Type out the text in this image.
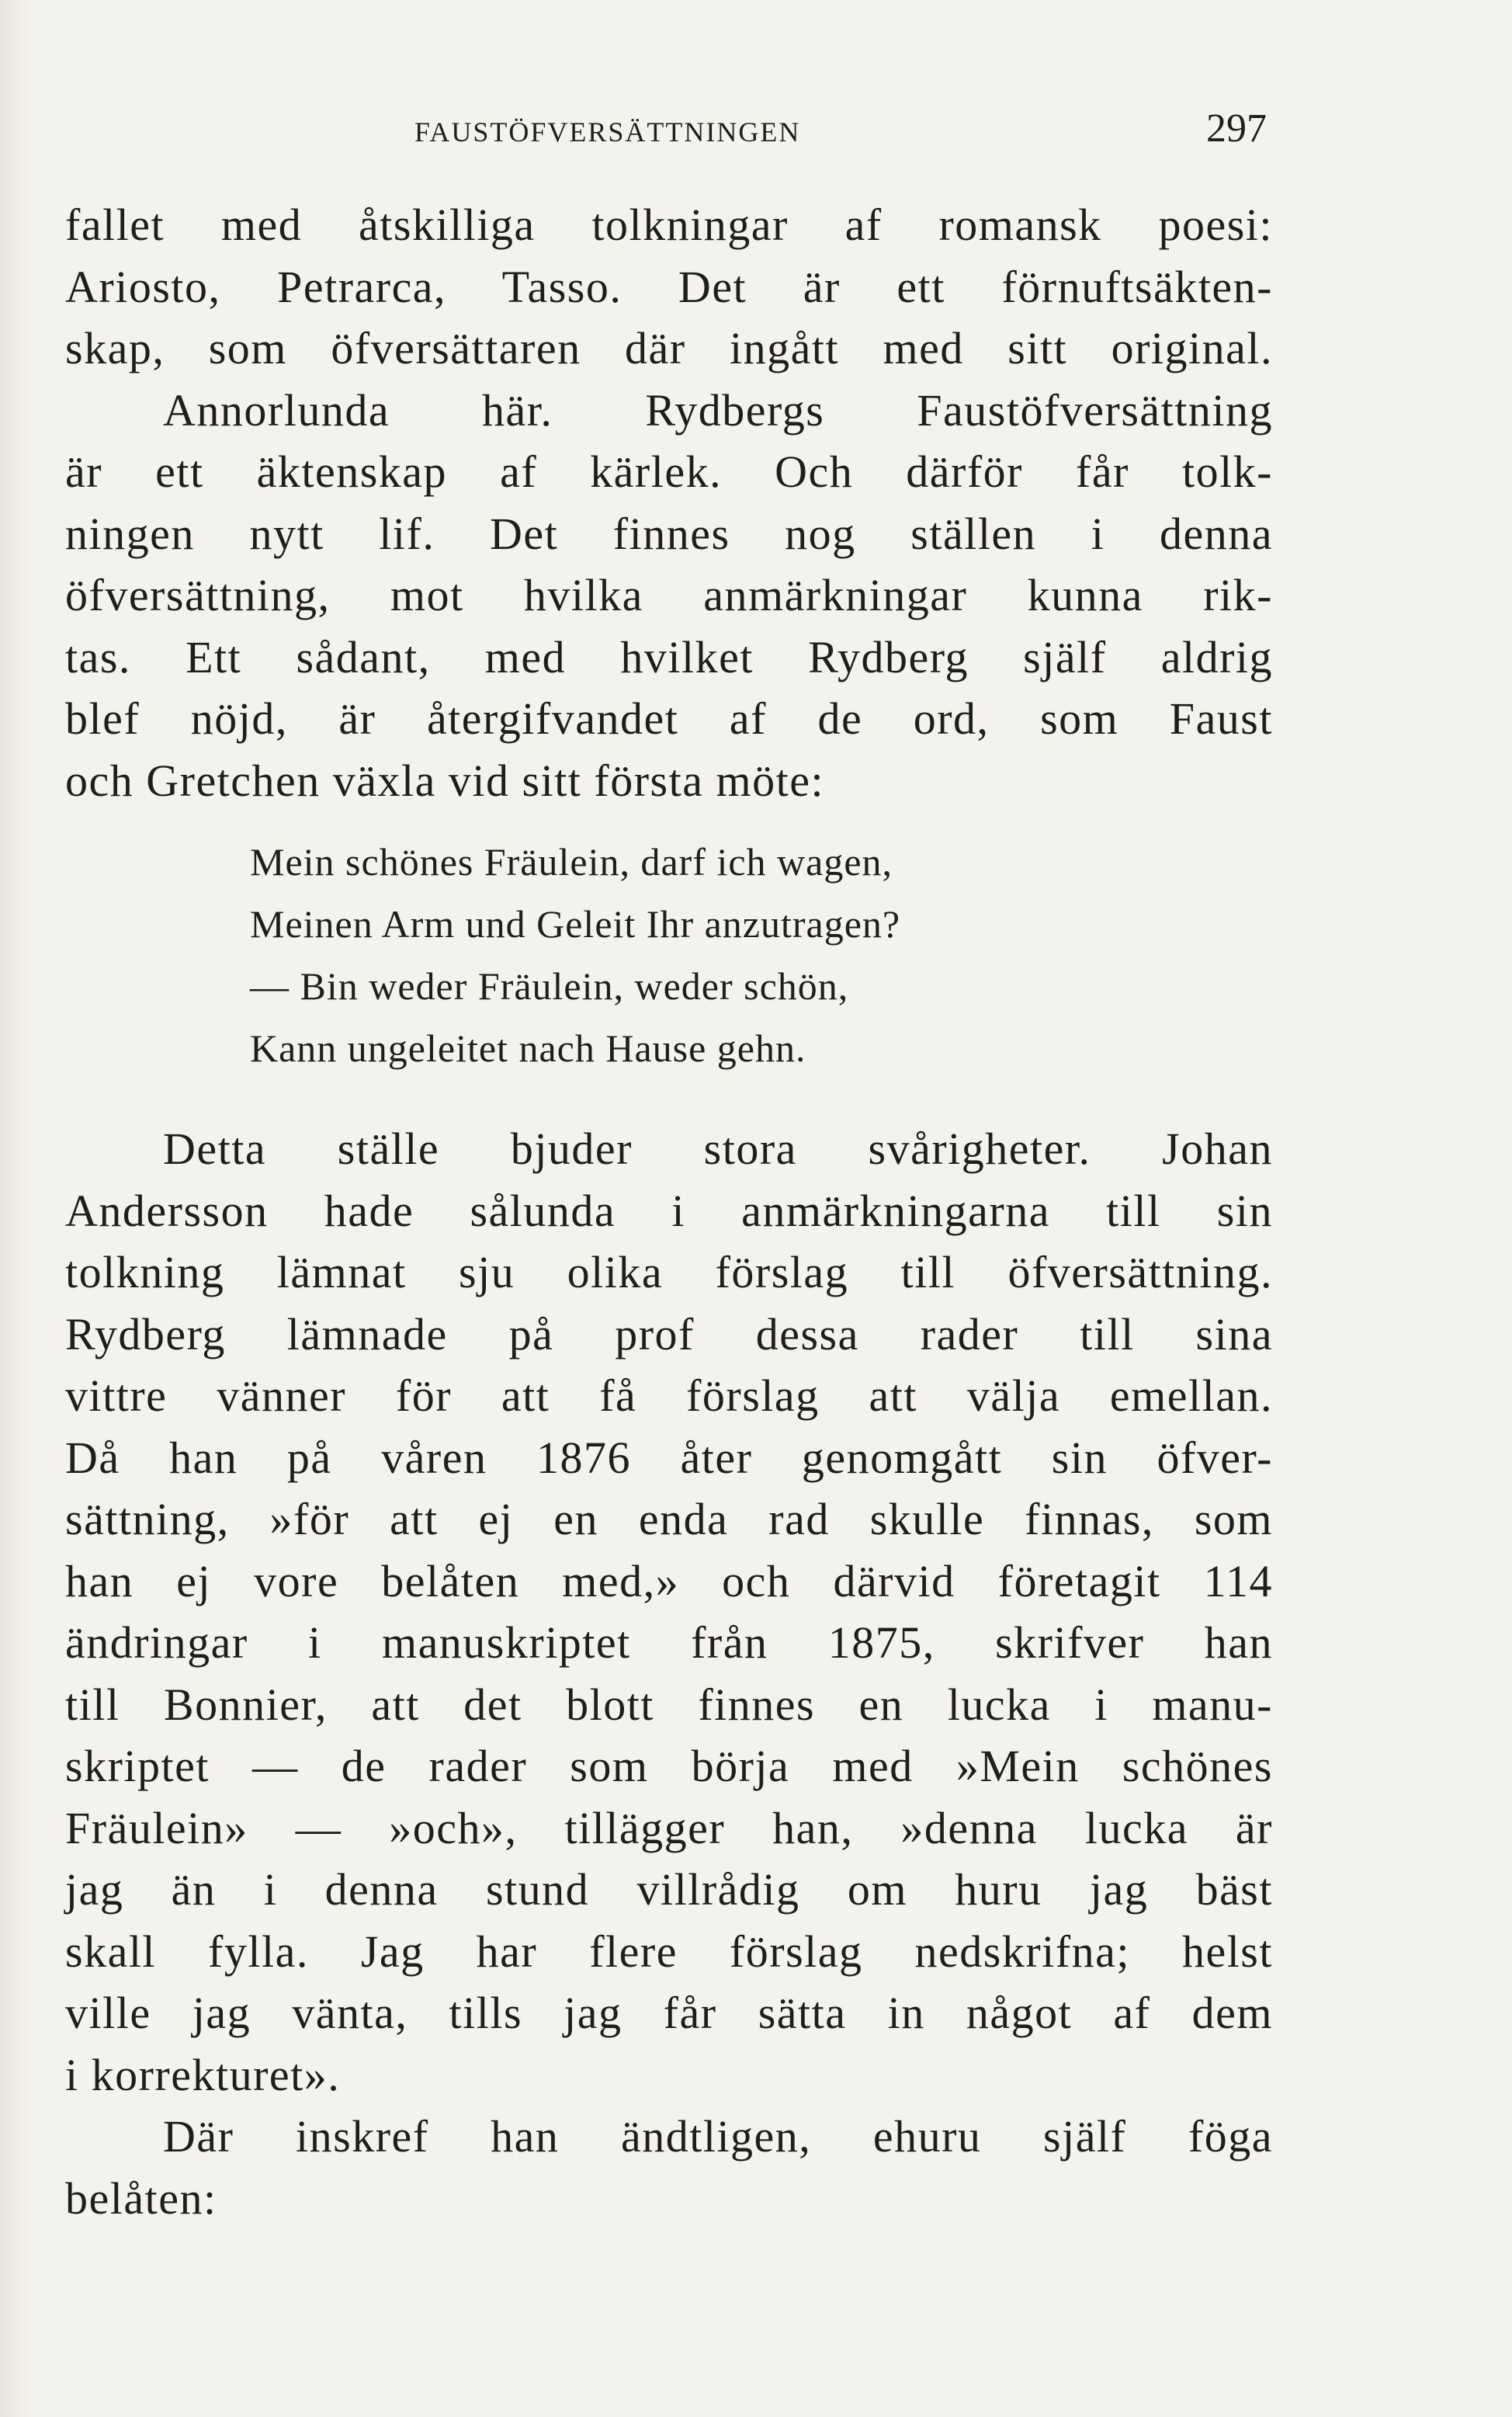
FAUSTÖFVERSÄTTNINGEN	297
fallet med åtskilliga tolkningar af romansk poesi:
Ariosto, Petrarca, Tasso. Det är ett förnuftsäkten-
skap, som öfversättaren där ingått med sitt original.
Annorlunda här. Rydbergs Faustöfversättning
är ett äktenskap af kärlek. Och därför får tolk-
ningen nytt lif. Det finnes nog ställen i denna
öfversättning, mot hvilka anmärkningar kunna rik-
tas. Ett sådant, med hvilket Rydberg själf aldrig
blef nöjd, är återgifvandet af de ord, som Faust
och Gretchen växla vid sitt första möte:
Mein schönes Fräulein, darf ich wagen,
Meinen Arm und Geleit Ihr anzutragen?
— Bin weder Fräulein, weder schön,
Kann ungeleitet nach Hause gehn.
Detta ställe bjuder stora svårigheter. Johan
Andersson hade sålunda i anmärkningarna till sin
tolkning lämnat sju olika förslag till öfversättning.
Rydberg lämnade på prof dessa rader till sina
vittre vänner för att få förslag att välja emellan.
Då han på våren 1876 åter genomgått sin öfver-
sättning, »för att ej en enda rad skulle finnas, som
han ej vore belåten med,» och därvid företagit 114
ändringar i manuskriptet från 1875, skrifver han
till Bonnier, att det blott finnes en lucka i manu-
skriptet — de rader som börja med »Mein schönes
Fräulein» — »och», tillägger han, »denna lucka är
jag än i denna stund villrådig om huru jag bäst
skall fylla. Jag har flere förslag nedskrifna; helst
ville jag vänta, tills jag får sätta in något af dem
i korrekturet».
Där inskref han ändtligen, ehuru själf föga
belåten:
